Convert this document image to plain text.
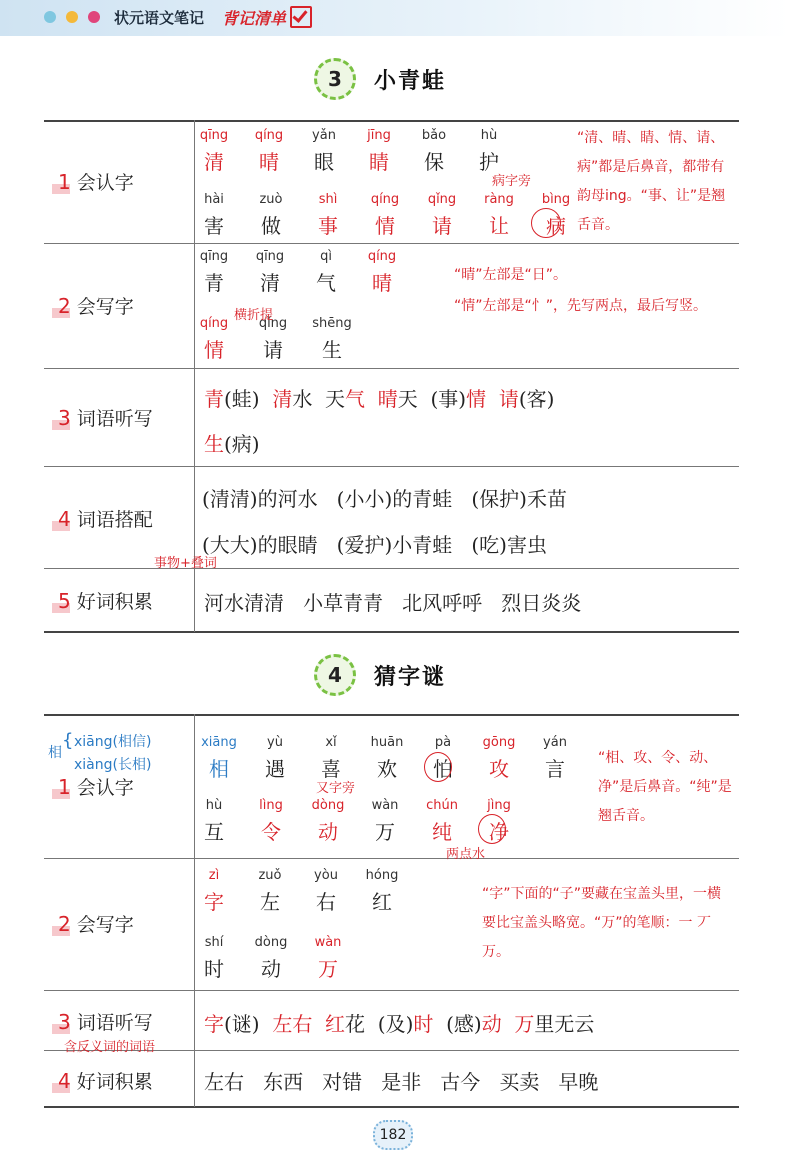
状元语文笔记 背记清单
3	小青蛙
1 会认字
2 会写字
3 词语听写
4 词语搭配
5 好词积累
qīng
清
qíng
晴
yǎn
眼
jīng
睛
bǎo
保
hù
护
hài
害
zuò
做
shì
事
qíng
情
qǐng
请
ràng
让
bìng
病
病字旁
“清、晴、睛、情、请、病”都是后鼻音，都带有韵母ing。“事、让”是翘舌音。
qīng
青
qīng
清
qì
气
qíng
晴
qíng
情
qǐng
请
shēng
生
横折提
“晴”左部是“日”。
“情”左部是“忄”，先写两点，最后写竖。
青(蛙) 清水 天气 晴天 (事)情 请(客)
生(病)
(清清)的河水   (小小)的青蛙   (保护)禾苗
(大大)的眼睛   (爱护)小青蛙   (吃)害虫
事物+叠词
河水清清   小草青青   北风呼呼   烈日炎炎
4	猜字谜
1 会认字
2 会写字
3 词语听写
4 好词积累
相
{ xiāng(相信)
xiàng(长相)
xiāng
相
yù
遇
xǐ
喜
huān
欢
pà
怕
gōng
攻
yán
言
hù
互
lìng
令
dòng
动
wàn
万
chún
纯
jìng
净
又字旁
两点水
“相、攻、令、动、净”是后鼻音。“纯”是翘舌音。
zì
字
zuǒ
左
yòu
右
hóng
红
shí
时
dòng
动
wàn
万
“字”下面的“子”要藏在宝盖头里，一横要比宝盖头略宽。“万”的笔顺：一 丆 万。
字(谜) 左右 红花 (及)时 (感)动 万里无云
含反义词的词语
左右   东西   对错   是非   古今   买卖   早晚
182
